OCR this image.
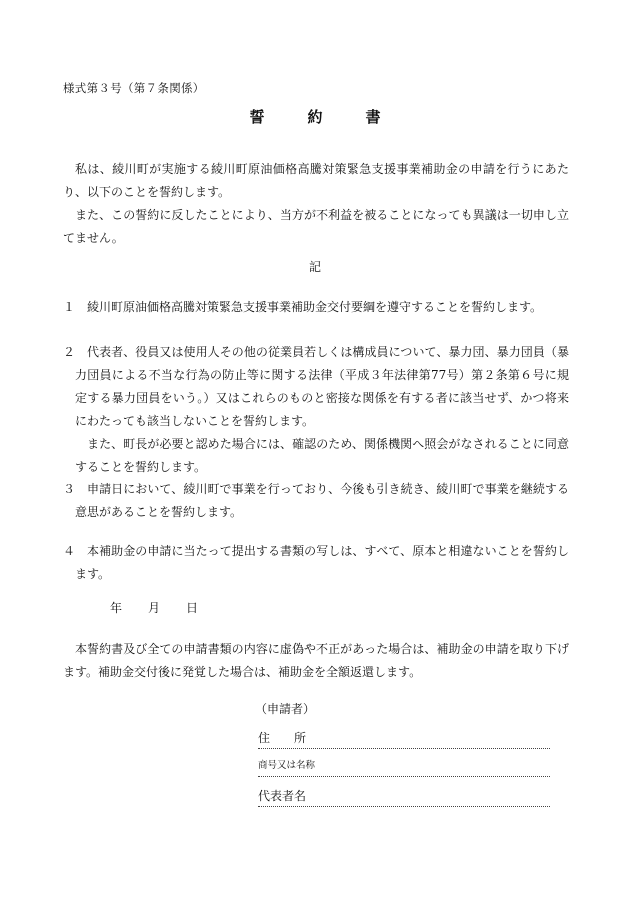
様式第３号（第７条関係）
誓　約　書

私は、綾川町が実施する綾川町原油価格高騰対策緊急支援事業補助金の申請を行うにあたり、以下のことを誓約します。

また、この誓約に反したことにより、当方が不利益を被ることになっても異議は一切申し立てません。

記
１ 綾川町原油価格高騰対策緊急支援事業補助金交付要綱を遵守することを誓約します。
２ 代表者、役員又は使用人その他の従業員若しくは構成員について、暴力団、暴力団員（暴力団員による不当な行為の防止等に関する法律（平成３年法律第77号）第２条第６号に規定する暴力団員をいう。）又はこれらのものと密接な関係を有する者に該当せず、かつ将来にわたっても該当しないことを誓約します。
また、町長が必要と認めた場合には、確認のため、関係機関へ照会がなされることに同意することを誓約します。
３ 申請日において、綾川町で事業を行っており、今後も引き続き、綾川町で事業を継続する意思があることを誓約します。
４ 本補助金の申請に当たって提出する書類の写しは、すべて、原本と相違ないことを誓約します。
年 月 日

本誓約書及び全ての申請書類の内容に虚偽や不正があった場合は、補助金の申請を取り下げます。補助金交付後に発覚した場合は、補助金を全額返還します。

（申請者）
住　　所
商号又は名称
代表者名
